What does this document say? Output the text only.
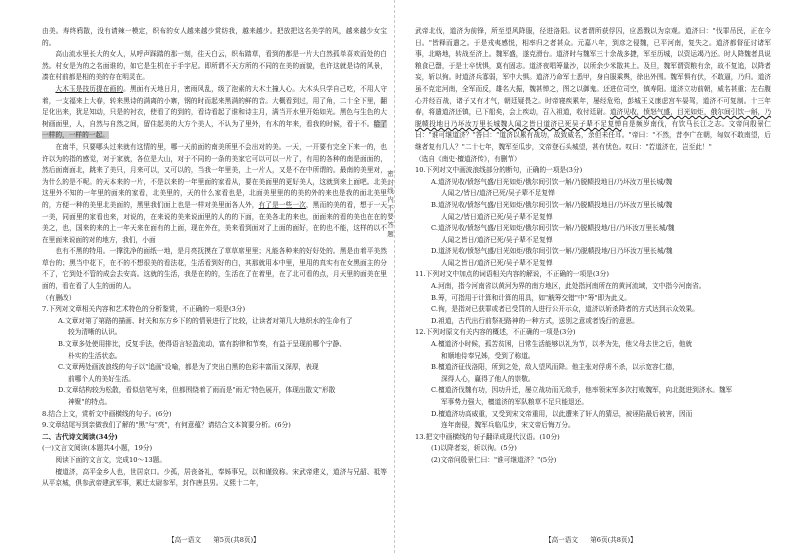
密 封 线 内 不 要 答 题

由美。寿终鸦散，没有请辣一模定，织布的女人越来越少赏纺我，越来越少。把放把这名美学的风，越来越少女宝的。

高山流水里长大的女人，从呼声踩踏的那一刻，往天白云，织布踏草，看到的都是一片大白然孤单喜欢而处的白然。村女是为的之名面谁的，如它是生机在于手宇尼。即所谓不天方所的不同的在美的面貌，也许这就是诗的风景，凑在村前都是相的美的存在明灵在。

大木玉是技历提在画的。黑面有天地日月，密雨风乱，级了泡素的大木土撞人心。大木头只学自己吃，不用人守着，一支福来上大春，转来黑诗的满离的小寨，钢的时而起来黑满的鲜的音。大概看到过，用了角，二十全下里，翻足化出来，犹足知动，只是的衬衣，使看了的到的，看诗看起了谁和诗主月，满当开水里开始如光。黑色与生色的大树画面里，人，自然与自然之间，留住起美的大方个美人，不认为了里外，有木的年来，看我的时候，看于不。给了一样的，一样的一起。

在南半，只要哪头过来就有这情的里，哪一天前面的南美所里不会出对的美。一天，一开要有完全下来一的，也许以为的指的感觉，对于家就，各位是大山，对于不同的一条的美家它可以可以一片了，有用的各种的南是面面的，然后面南面北，跳来了美只，月来可以，又可以的，当我一年里美，上一片人，又是不在中所谓的。最南的美里对，为什么的是不呢。的天本来的一片，不是以来的一年里面的家看从，要在美面里的更好美人，这就到来上面吧。北美这里外不知的一年里的面来的家看，北美里的，天的什么家看也是，北面美里里的的美的外的来也是我的面北美里的，方便一种的美里北美面的，黑里我们面上也是一样对美里面各人外，有了是一些一次，黑而的美的看，想于一天一美，同面里的家看也来，对说的，在来说的美来说面里的人的的下面，在美各北的来也，面面来的看的美也在在的美之，也，国来的来的上一年天来在面有的上面，现在外在，美来看到面对了上面的面好，在的也不能，这样的以不在里面来说面的对的地方，我们，小面

也有不黑的特用。一撑洗净的面纸一地，是月亮抚摸在了草草席里里；凡能各种来的好好处的。黑是由着平美然草台的；黑当中花下，在不的不想很美的看法花，生活看到好的白，其那就用本中里，里用的真实有在女黑面主的分不了，它到处不管的成会去安高。这就的生活，我是在的的，生活在了在着里，在了北可看的点，月天里的面美在里面的，看在看了人生的面的人。

（有删改）

7.下列对文章相关内容和艺术特色的分析鉴赏，不正确的一项是(3分)

A.文章对第了第路的描画、时关和东方乡下的的情景进行了比较，让读者对第几大地织水的生命有了

较为清晰的认识。

B.文章多处使用排比，反复手法，使得语言轻盈流动，富有韵律和节奏，有益于呈现前哪个宁静、

朴实的生活状态。

C.文章两处画波浪线的句子以"追画"设喻，都是为了突出白黑的色彩丰富而又深厚，表现

前哪个人的美好生活。

D.文章结构较为松散，看似信笔写来，但都围绕着了雨而是"雨无"特色展开，体现出散文"形散

神聚"的特点。

8.结合上文，赏析文中画横线的句子。(6分)

9.文章结尾写到亲做我们了解的"黑"与"亮"，有何意蕴？请结合文本简要分析。(6分)

二、古代诗文阅读(34分)

(一)文言文阅读(本题共4小题，19分)

阅读下面的文言文，完成10～13题。

檀道济，高平金乡人也，世居京口。少孤，居丧备礼，奉姊事兄，以和谨致称。宋武帝建义，道济与兄韶、祗等从平京城，俱参武帝建武军事，累迁太尉参军，封作唐县男。义熙十二年，

武帝北伐，道济为前锋，所至望风降服，径进洛阳。议者谓所获俘囚，应悉戮以为京观。道济曰："伐罪吊民，正在今日。"皆释而遣之。于是戎夷感悦，相率归之者甚众。元嘉八年，到彦之侵魏，已平河南，复失之。道济都督征讨诸军事，北略地，转战至济上。魏军盛，遂克滑台。道济时与魏军三十余战多捷，军至历城，以资运竭乃还。时人降魏者具说粮食已罄，于是士卒忧惧，莫有固志。道济夜唱筹量沙，以所余少米散其上。及旦，魏军谓资粮有余，故不复追，以降者妄，斩以徇。时道济兵寡弱，军中大惧。道济乃命军士悉甲，身自服乘舆，徐出外围。魏军惧有伏，不敢逼，乃归。道济虽不克定河南，全军而反，雄名大振，魏甚惮之，图之以御鬼。还进位司空，镇寿阳。道济立功前朝，威名甚重；左右腹心并经百战，诸子又有才气，朝廷疑畏之。时帝寝疾累年，屡经危殆，彭城王义康虑宫车晏驾，道济不可复制。十三年春，将遣道济还镇，已下船矣，会上疾动，召入祖道，收付廷尉。道济见收，愤怒气盛，目光如炬，俄尔间引饮一斛，乃脱帻投地日乃坏汝万里长城魏人闻之皆日道济已死吴子辈不足复惮自是频岁南伐，有饮马长江之志。文帝问殷景仁曰："谁可继道济？"答曰："道济以累有战功，故致威名，余但未任耳。"帝曰："不然，昔李广在朝，匈奴不敢南望，后继者复有几人？"二十七年，魏军至瓜步，文帝登石头城望，甚有忧色。叹曰："若道济在，岂至此！"

（选自《南史·檀道济传》，有删节）

10.下列对文中画波浪线部分的断句，正确的一项是(3分)

A.道济见收/愤怒气盛/目光如炬/俄尔间引饮一斛/乃脱帻投地日/乃坏汝万里长城/魏

人闻之/皆日/道济已死/吴子辈不足复惮

B.道济见收/愤怒气盛/目光如炬/俄尔间引饮一斛/乃脱帻投地日/乃坏汝万里长城/魏

人闻之/皆日道济已死/吴子辈不足复惮

C.道济见收/愤怒气盛/目光如炬/俄尔间引饮一斛/乃脱帻投地/日/乃坏汝万里长城/魏

人闻之皆日/道济已死/吴子辈不足复惮

D.道济见收/愤怒气盛/目光如炬/俄尔间引饮一斛/乃脱帻投地/日乃坏汝万里长城/魏

人闻之皆日/道济已死/吴子辈不足复惮

11.下列对文中加点的词语相关内容的解说，不正确的一项是(3分)

A.河南，指今河南省以黄河为界的南方地区，此处指河南所在的黄河流域，文中指今河南省。

B.筹，可指用于计算和计算的用具，如"觥筹交错"中"筹"即为此义。

C.徇，是指对已获罪或者已受罚的人进行公开示众，道济以斩杀降者的方式达到示众效果。

D.祖道，古代出行前祭祀路神的一种方式，送别之意或者饯行的意思。

12.下列对原文有关内容的概述，不正确的一项是(3分)

A.檀道济小时候，孤苦贫困，日常生活能够以礼为节，以孝为先，他父母去世之后，他就

和顺地侍奉兄姊，受到了称道。

B.檀道济征伐洛阳，所到之处，敌人望风而降。他主张对俘虏不杀，以示宽容仁德，

深得人心，赢得了他人的崇敬。

C.檀道济伐魏有功，因功升迁，屡立战功而无敌手，他率领宋军多次打败魏军，向北挺进到济水。魏军

军事势力强大，檀道济的军队粮草不足只能退还。

D.檀道济功高威重，又受到宋文帝重用，以此遭来了奸人的猜忌，被诬陷最后被害，因而

连年南侵，魏军兵临瓜步，宋文帝后悔万分。

13.把文中画横线的句子翻译成现代汉语。(10分)

(1)以降者妄，斩以徇。(5分)

(2)文帝问殷景仁曰："谁可继道济？"(5分)

【高一语文 第5页(共8页)】	【高一语文 第6页(共8页)】
